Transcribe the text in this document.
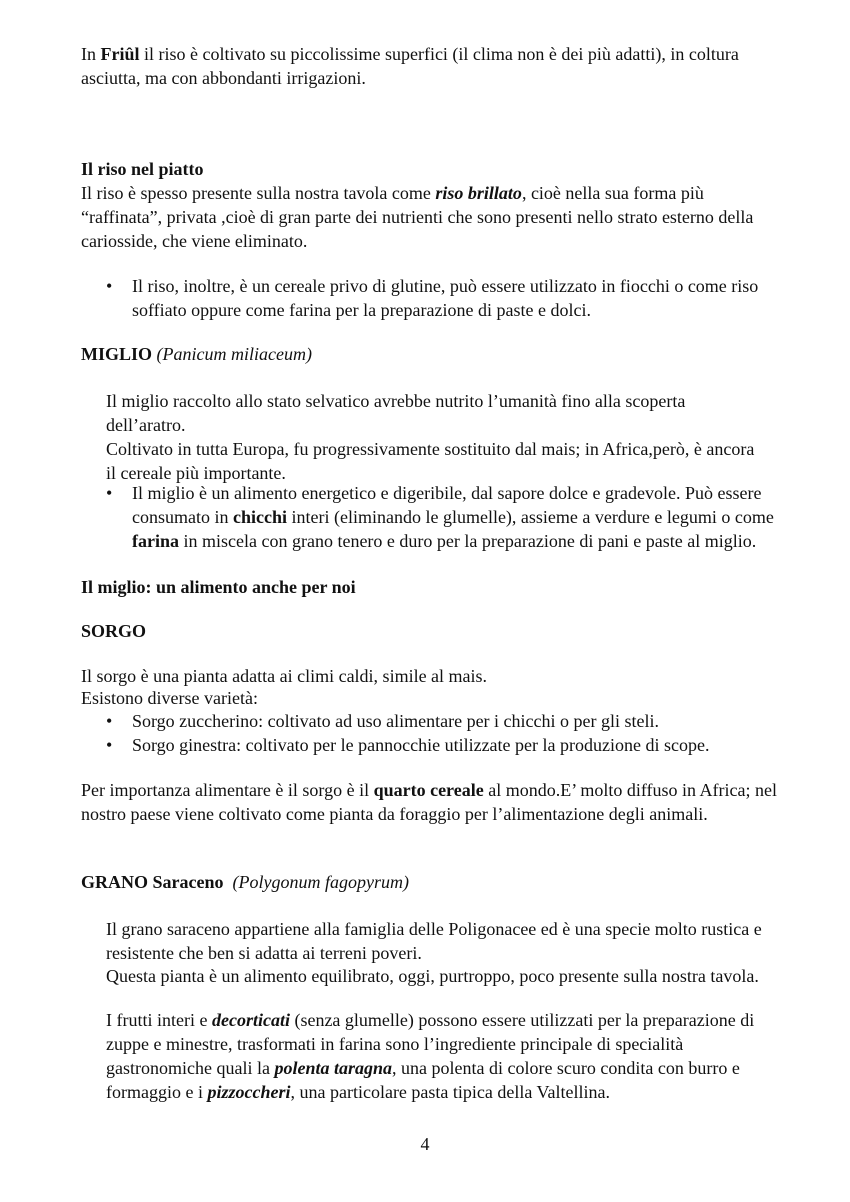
In Friûl il riso è coltivato su piccolissime superfici (il clima non è dei più adatti), in coltura asciutta, ma con abbondanti irrigazioni.

Il riso nel piatto

Il riso è spesso presente sulla nostra tavola come riso brillato, cioè nella sua forma più “raffinata”, privata ,cioè di gran parte dei nutrienti che sono presenti nello strato esterno della cariosside, che viene eliminato.

• Il riso, inoltre, è un cereale privo di glutine, può essere utilizzato in fiocchi o come riso soffiato oppure come farina per la preparazione di paste e dolci.

MIGLIO (Panicum miliaceum)

Il miglio raccolto allo stato selvatico avrebbe nutrito l’umanità fino alla scoperta dell’aratro.

Coltivato in tutta Europa, fu progressivamente sostituito dal mais; in Africa,però, è ancora il cereale più importante.

• Il miglio è un alimento energetico e digeribile, dal sapore dolce e gradevole. Può essere consumato in chicchi interi (eliminando le glumelle), assieme a verdure e legumi o come farina in miscela con grano tenero e duro per la preparazione di pani e paste al miglio.

Il miglio: un alimento anche per noi

SORGO

Il sorgo è una pianta adatta ai climi caldi, simile al mais.

Esistono diverse varietà:

• Sorgo zuccherino: coltivato ad uso alimentare per i chicchi o per gli steli.
• Sorgo ginestra: coltivato per le pannocchie utilizzate per la produzione di scope.

Per importanza alimentare è il sorgo è il quarto cereale al mondo.E’ molto diffuso in Africa; nel nostro paese viene coltivato come pianta da foraggio per l’alimentazione degli animali.

GRANO Saraceno (Polygonum fagopyrum)

Il grano saraceno appartiene alla famiglia delle Poligonacee ed è una specie molto rustica e resistente che ben si adatta ai terreni poveri.

Questa pianta è un alimento equilibrato, oggi, purtroppo, poco presente sulla nostra tavola.

I frutti interi e decorticati (senza glumelle) possono essere utilizzati per la preparazione di zuppe e minestre, trasformati in farina sono l’ingrediente principale di specialità gastronomiche quali la polenta taragna, una polenta di colore scuro condita con burro e formaggio e i pizzoccheri, una particolare pasta tipica della Valtellina.

4
